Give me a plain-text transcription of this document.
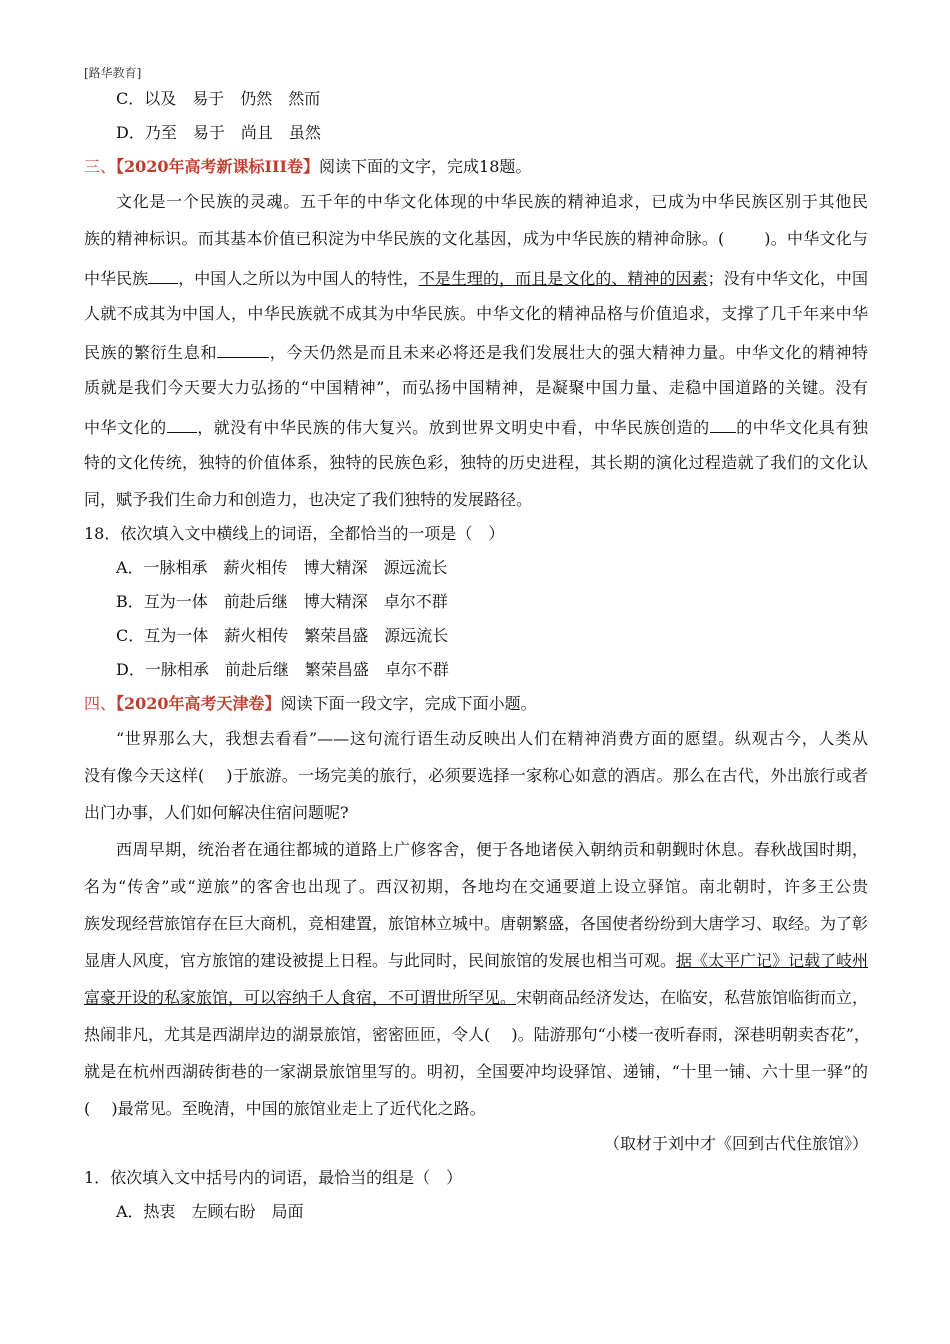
[路华教育]
C．以及　易于　仍然　然而
D．乃至　易于　尚且　虽然
三、【2020年高考新课标III卷】阅读下面的文字，完成18题。
文化是一个民族的灵魂。五千年的中华文化体现的中华民族的精神追求，已成为中华民族区别于其他民
族的精神标识。而其基本价值已积淀为中华民族的文化基因，成为中华民族的精神命脉。(	)。中华文化与
中华民族 ，中国人之所以为中国人的特性，不是生理的，而且是文化的、精神的因素；没有中华文化，中国
人就不成其为中国人，中华民族就不成其为中华民族。中华文化的精神品格与价值追求，支撑了几千年来中华
民族的繁衍生息和	，今天仍然是而且未来必将还是我们发展壮大的强大精神力量。中华文化的精神特
质就是我们今天要大力弘扬的“中国精神”，而弘扬中国精神，是凝聚中国力量、走稳中国道路的关键。没有
中华文化的 ，就没有中华民族的伟大复兴。放到世界文明史中看，中华民族创造的 的中华文化具有独
特的文化传统，独特的价值体系，独特的民族色彩，独特的历史进程，其长期的演化过程造就了我们的文化认
同，赋予我们生命力和创造力，也决定了我们独特的发展路径。
18．依次填入文中横线上的词语，全都恰当的一项是（　）
A．一脉相承　薪火相传　博大精深　源远流长
B．互为一体　前赴后继　博大精深　卓尔不群
C．互为一体　薪火相传　繁荣昌盛　源远流长
D．一脉相承　前赴后继　繁荣昌盛　卓尔不群
四、【2020年高考天津卷】阅读下面一段文字，完成下面小题。
“世界那么大，我想去看看”——这句流行语生动反映出人们在精神消费方面的愿望。纵观古今，人类从
没有像今天这样(　 )于旅游。一场完美的旅行，必须要选择一家称心如意的酒店。那么在古代，外出旅行或者
出门办事，人们如何解决住宿问题呢?
西周早期，统治者在通往都城的道路上广修客舍，便于各地诸侯入朝纳贡和朝觐时休息。春秋战国时期，
名为“传舍”或“逆旅”的客舍也出现了。西汉初期，各地均在交通要道上设立驿馆。南北朝时，许多王公贵
族发现经营旅馆存在巨大商机，竞相建置，旅馆林立城中。唐朝繁盛，各国使者纷纷到大唐学习、取经。为了彰
显唐人风度，官方旅馆的建设被提上日程。与此同时，民间旅馆的发展也相当可观。据《太平广记》记载了岐州
富豪开设的私家旅馆，可以容纳千人食宿，不可谓世所罕见。宋朝商品经济发达，在临安，私营旅馆临街而立，
热闹非凡，尤其是西湖岸边的湖景旅馆，密密匝匝，令人(　 )。陆游那句“小楼一夜听春雨，深巷明朝卖杏花”，
就是在杭州西湖砖街巷的一家湖景旅馆里写的。明初，全国要冲均设驿馆、递铺，“十里一铺、六十里一驿”的
(　 )最常见。至晚清，中国的旅馆业走上了近代化之路。
（取材于刘中才《回到古代住旅馆》）
1．依次填入文中括号内的词语，最恰当的组是（　）
A．热衷　左顾右盼　局面
